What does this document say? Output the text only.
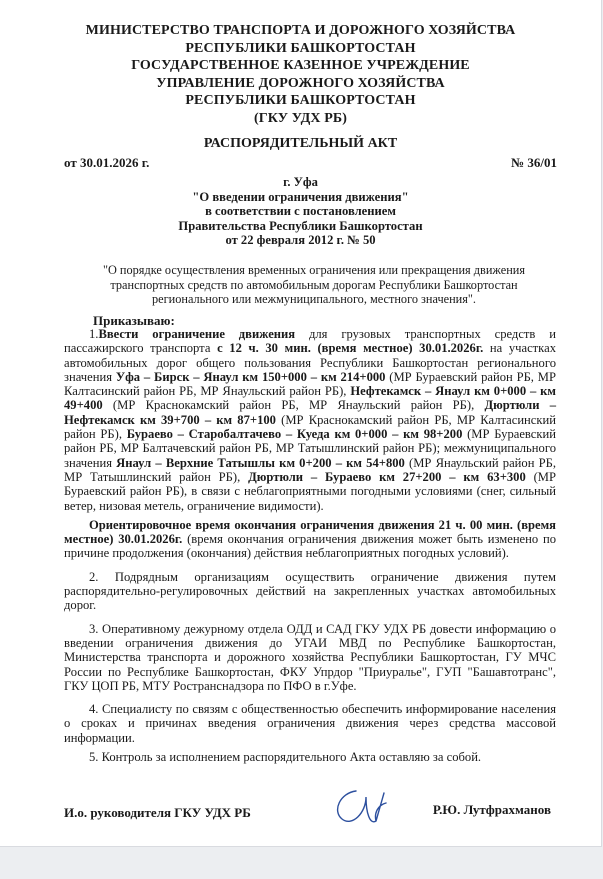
МИНИСТЕРСТВО ТРАНСПОРТА И ДОРОЖНОГО ХОЗЯЙСТВА
РЕСПУБЛИКИ БАШКОРТОСТАН
ГОСУДАРСТВЕННОЕ КАЗЕННОЕ УЧРЕЖДЕНИЕ
УПРАВЛЕНИЕ ДОРОЖНОГО ХОЗЯЙСТВА
РЕСПУБЛИКИ БАШКОРТОСТАН
(ГКУ УДХ РБ)
РАСПОРЯДИТЕЛЬНЫЙ АКТ
от 30.01.2026 г.	№ 36/01
г. Уфа
"О введении ограничения движения"
в соответствии с постановлением
Правительства Республики Башкортостан
от 22 февраля 2012 г. № 50
"О порядке осуществления временных ограничения или прекращения движения транспортных средств по автомобильным дорогам Республики Башкортостан регионального или межмуниципального, местного значения".
Приказываю:

1.Ввести ограничение движения для грузовых транспортных средств и пассажирского транспорта с 12 ч. 30 мин. (время местное) 30.01.2026г. на участках автомобильных дорог общего пользования Республики Башкортостан регионального значения Уфа – Бирск – Янаул км 150+000 – км 214+000 (МР Бураевский район РБ, МР Калтасинский район РБ, МР Янаульский район РБ), Нефтекамск – Янаул км 0+000 – км 49+400 (МР Краснокамский район РБ, МР Янаульский район РБ), Дюртюли – Нефтекамск км 39+700 – км 87+100 (МР Краснокамский район РБ, МР Калтасинский район РБ), Бураево – Старобалтачево – Куеда км 0+000 – км 98+200 (МР Бураевский район РБ, МР Балтачевский район РБ, МР Татышлинский район РБ); межмуниципального значения Янаул – Верхние Татышлы км 0+200 – км 54+800 (МР Янаульский район РБ, МР Татышлинский район РБ), Дюртюли – Бураево км 27+200 – км 63+300 (МР Бураевский район РБ), в связи с неблагоприятными погодными условиями (снег, сильный ветер, низовая метель, ограничение видимости).

Ориентировочное время окончания ограничения движения 21 ч. 00 мин. (время местное) 30.01.2026г. (время окончания ограничения движения может быть изменено по причине продолжения (окончания) действия неблагоприятных погодных условий).

2. Подрядным организациям осуществить ограничение движения путем распорядительно-регулировочных действий на закрепленных участках автомобильных дорог.

3. Оперативному дежурному отдела ОДД и САД ГКУ УДХ РБ довести информацию о введении ограничения движения до УГАИ МВД по Республике Башкортостан, Министерства транспорта и дорожного хозяйства Республики Башкортостан, ГУ МЧС России по Республике Башкортостан, ФКУ Упрдор "Приуралье", ГУП "Башавтотранс", ГКУ ЦОП РБ, МТУ Ространснадзора по ПФО в г.Уфе.

4. Специалисту по связям с общественностью обеспечить информирование населения о сроках и причинах введения ограничения движения через средства массовой информации.

5. Контроль за исполнением распорядительного Акта оставляю за собой.

И.о. руководителя ГКУ УДХ РБ	Р.Ю. Лутфрахманов
